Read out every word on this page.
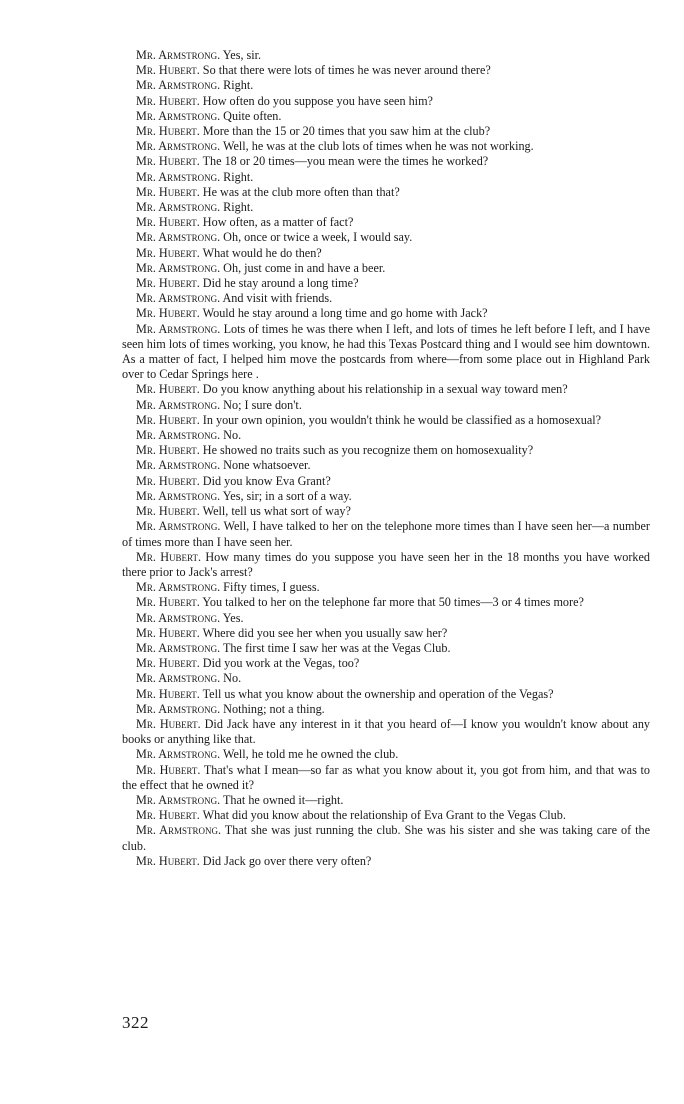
Mr. Armstrong. Yes, sir.

Mr. Hubert. So that there were lots of times he was never around there?

Mr. Armstrong. Right.

Mr. Hubert. How often do you suppose you have seen him?

Mr. Armstrong. Quite often.

Mr. Hubert. More than the 15 or 20 times that you saw him at the club?

Mr. Armstrong. Well, he was at the club lots of times when he was not working.

Mr. Hubert. The 18 or 20 times—you mean were the times he worked?

Mr. Armstrong. Right.

Mr. Hubert. He was at the club more often than that?

Mr. Armstrong. Right.

Mr. Hubert. How often, as a matter of fact?

Mr. Armstrong. Oh, once or twice a week, I would say.

Mr. Hubert. What would he do then?

Mr. Armstrong. Oh, just come in and have a beer.

Mr. Hubert. Did he stay around a long time?

Mr. Armstrong. And visit with friends.

Mr. Hubert. Would he stay around a long time and go home with Jack?

Mr. Armstrong. Lots of times he was there when I left, and lots of times he left before I left, and I have seen him lots of times working, you know, he had this Texas Postcard thing and I would see him downtown. As a matter of fact, I helped him move the postcards from where—from some place out in Highland Park over to Cedar Springs here .

Mr. Hubert. Do you know anything about his relationship in a sexual way toward men?

Mr. Armstrong. No; I sure don't.

Mr. Hubert. In your own opinion, you wouldn't think he would be classified as a homosexual?

Mr. Armstrong. No.

Mr. Hubert. He showed no traits such as you recognize them on homosexuality?

Mr. Armstrong. None whatsoever.

Mr. Hubert. Did you know Eva Grant?

Mr. Armstrong. Yes, sir; in a sort of a way.

Mr. Hubert. Well, tell us what sort of way?

Mr. Armstrong. Well, I have talked to her on the telephone more times than I have seen her—a number of times more than I have seen her.

Mr. Hubert. How many times do you suppose you have seen her in the 18 months you have worked there prior to Jack's arrest?

Mr. Armstrong. Fifty times, I guess.

Mr. Hubert. You talked to her on the telephone far more that 50 times—3 or 4 times more?

Mr. Armstrong. Yes.

Mr. Hubert. Where did you see her when you usually saw her?

Mr. Armstrong. The first time I saw her was at the Vegas Club.

Mr. Hubert. Did you work at the Vegas, too?

Mr. Armstrong. No.

Mr. Hubert. Tell us what you know about the ownership and operation of the Vegas?

Mr. Armstrong. Nothing; not a thing.

Mr. Hubert. Did Jack have any interest in it that you heard of—I know you wouldn't know about any books or anything like that.

Mr. Armstrong. Well, he told me he owned the club.

Mr. Hubert. That's what I mean—so far as what you know about it, you got from him, and that was to the effect that he owned it?

Mr. Armstrong. That he owned it—right.

Mr. Hubert. What did you know about the relationship of Eva Grant to the Vegas Club.

Mr. Armstrong. That she was just running the club. She was his sister and she was taking care of the club.

Mr. Hubert. Did Jack go over there very often?

322
